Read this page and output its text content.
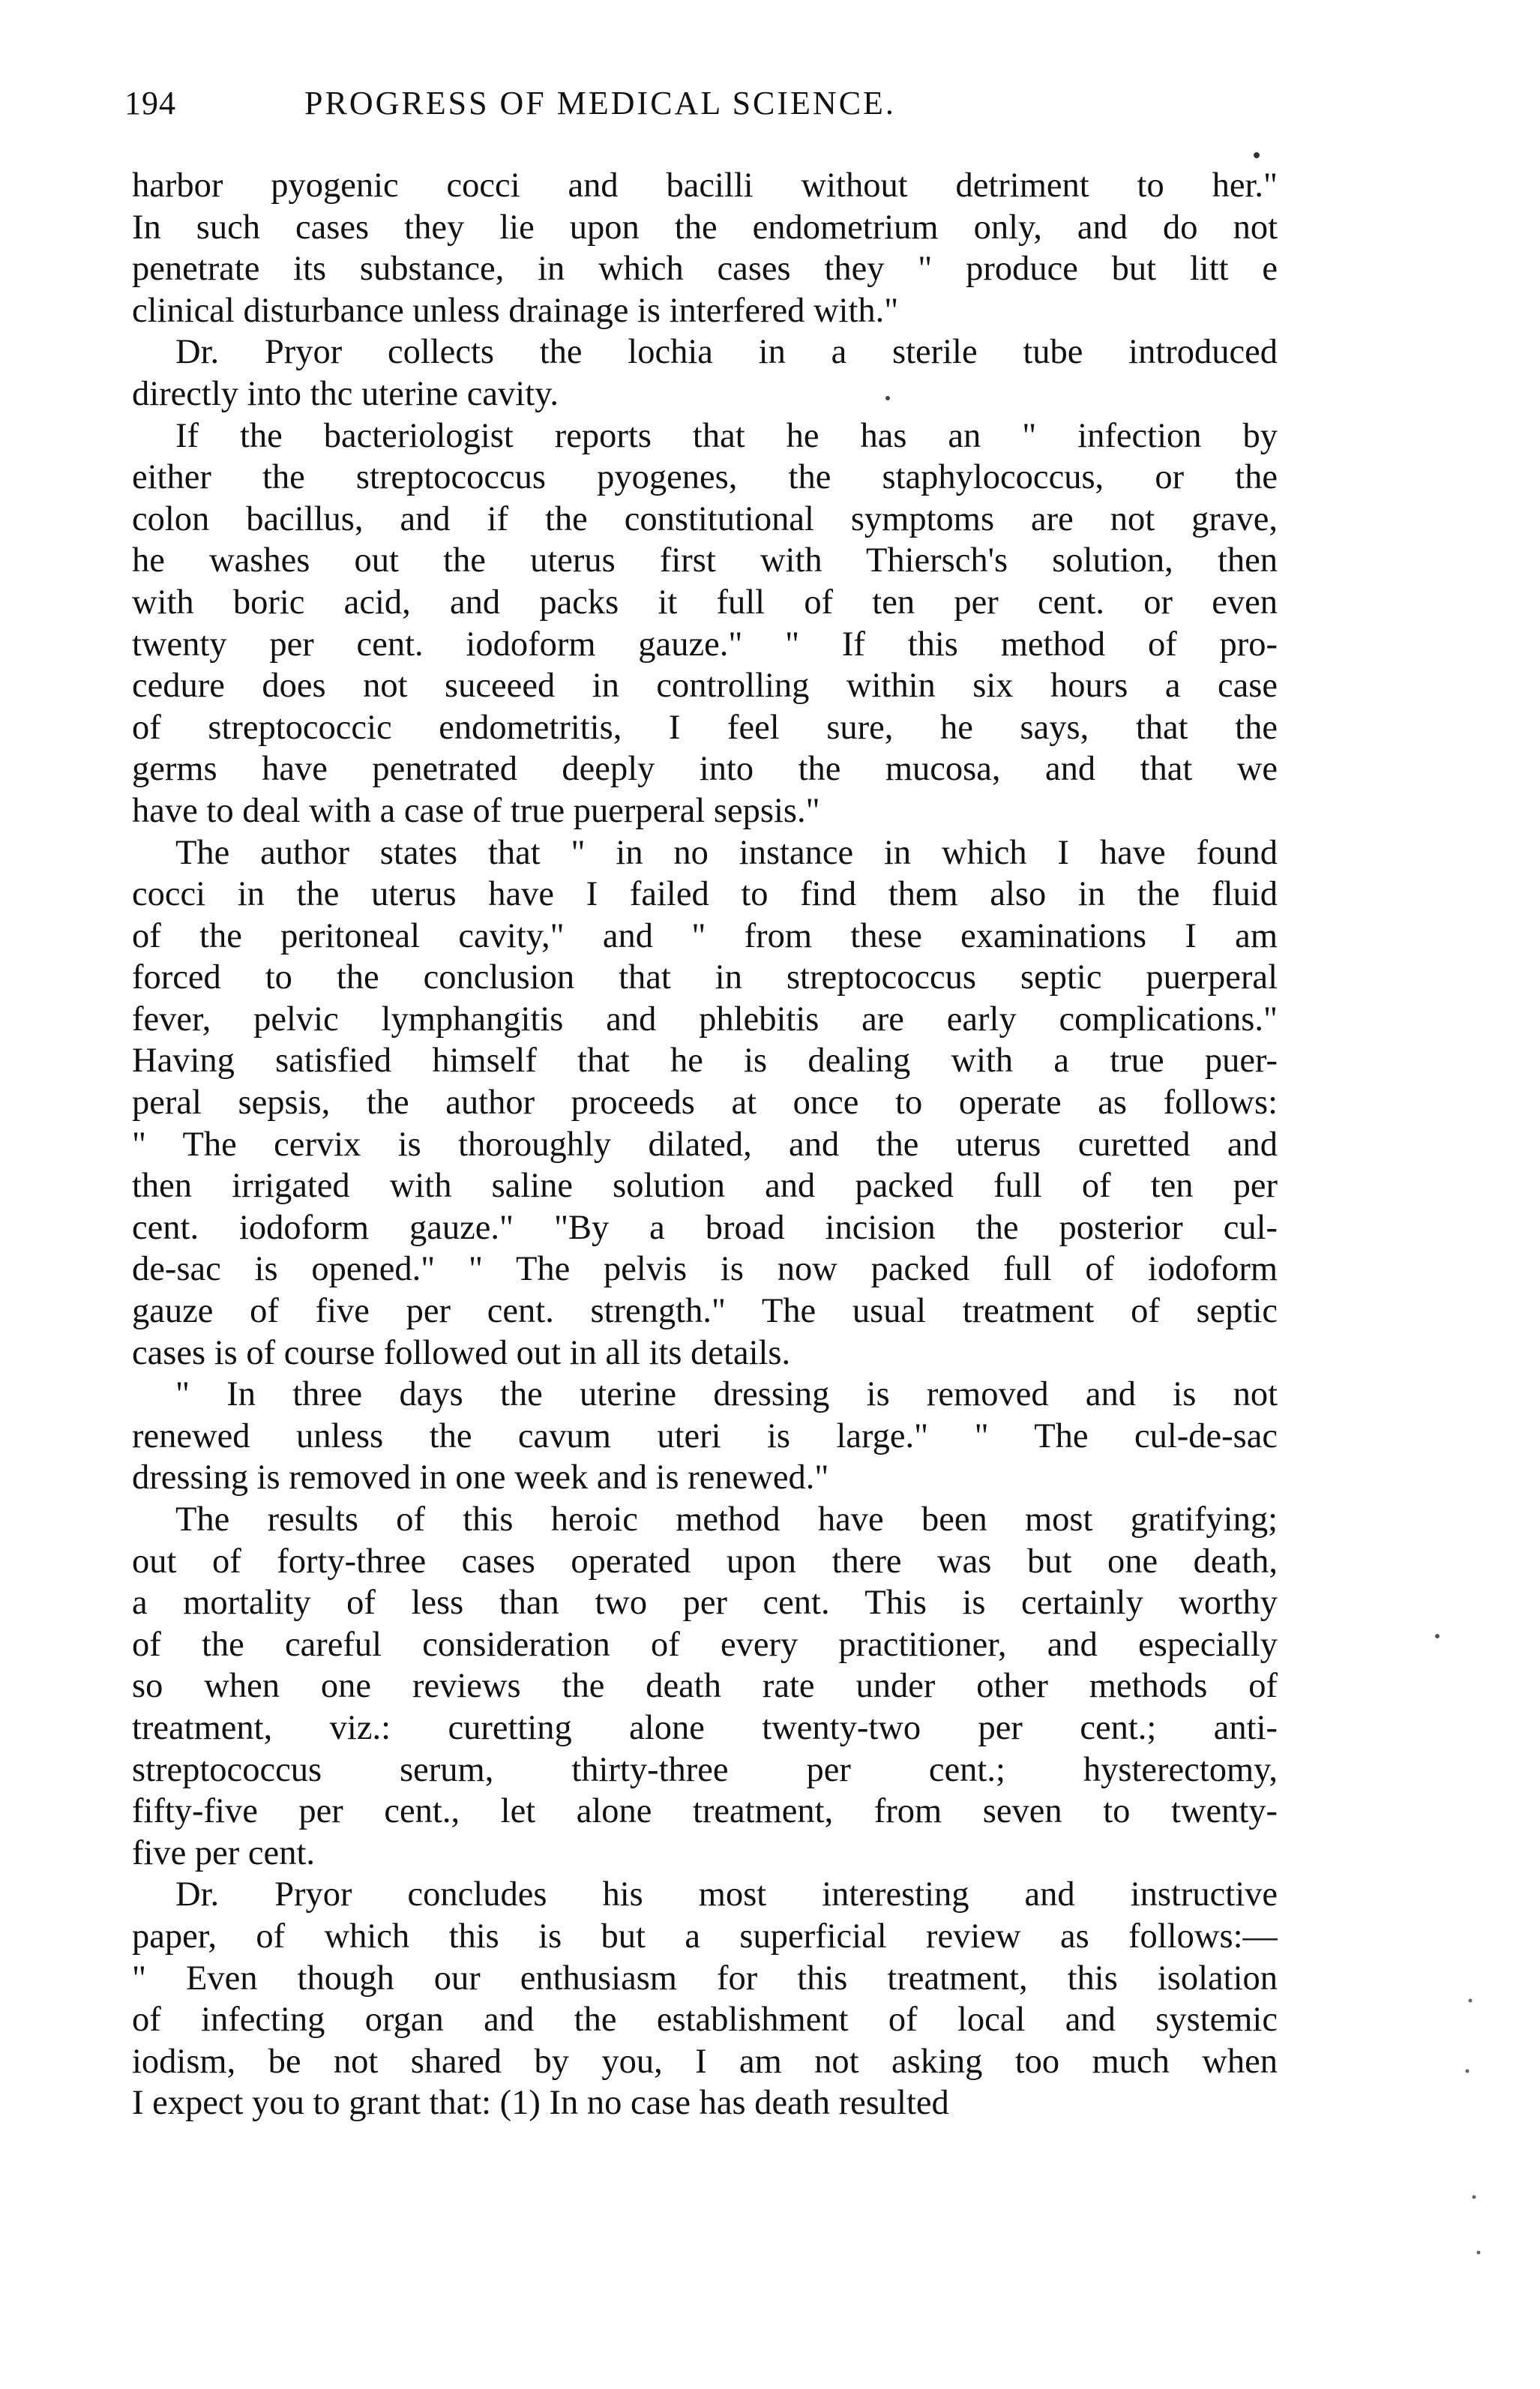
194	PROGRESS OF MEDICAL SCIENCE.
harbor pyogenic cocci and bacilli without detriment to her."
In such cases they lie upon the endometrium only, and do not
penetrate its substance, in which cases they " produce but litt e
clinical disturbance unless drainage is interfered with."
Dr. Pryor collects the lochia in a sterile tube introduced
directly into thc uterine cavity.
If the bacteriologist reports that he has an " infection by
either the streptococcus pyogenes, the staphylococcus, or the
colon bacillus, and if the constitutional symptoms are not grave,
he washes out the uterus first with Thiersch's solution, then
with boric acid, and packs it full of ten per cent. or even
twenty per cent. iodoform gauze." " If this method of pro-
cedure does not suceeed in controlling within six hours a case
of streptococcic endometritis, I feel sure, he says, that the
germs have penetrated deeply into the mucosa, and that we
have to deal with a case of true puerperal sepsis."
The author states that " in no instance in which I have found
cocci in the uterus have I failed to find them also in the fluid
of the peritoneal cavity," and " from these examinations I am
forced to the conclusion that in streptococcus septic puerperal
fever, pelvic lymphangitis and phlebitis are early complications."
Having satisfied himself that he is dealing with a true puer-
peral sepsis, the author proceeds at once to operate as follows:
" The cervix is thoroughly dilated, and the uterus curetted and
then irrigated with saline solution and packed full of ten per
cent. iodoform gauze." "By a broad incision the posterior cul-
de-sac is opened." " The pelvis is now packed full of iodoform
gauze of five per cent. strength." The usual treatment of septic
cases is of course followed out in all its details.
" In three days the uterine dressing is removed and is not
renewed unless the cavum uteri is large." " The cul-de-sac
dressing is removed in one week and is renewed."
The results of this heroic method have been most gratifying;
out of forty-three cases operated upon there was but one death,
a mortality of less than two per cent. This is certainly worthy
of the careful consideration of every practitioner, and especially
so when one reviews the death rate under other methods of
treatment, viz.: curetting alone twenty-two per cent.; anti-
streptococcus serum, thirty-three per cent.; hysterectomy,
fifty-five per cent., let alone treatment, from seven to twenty-
five per cent.
Dr. Pryor concludes his most interesting and instructive
paper, of which this is but a superficial review as follows:—
" Even though our enthusiasm for this treatment, this isolation
of infecting organ and the establishment of local and systemic
iodism, be not shared by you, I am not asking too much when
I expect you to grant that: (1) In no case has death resulted
